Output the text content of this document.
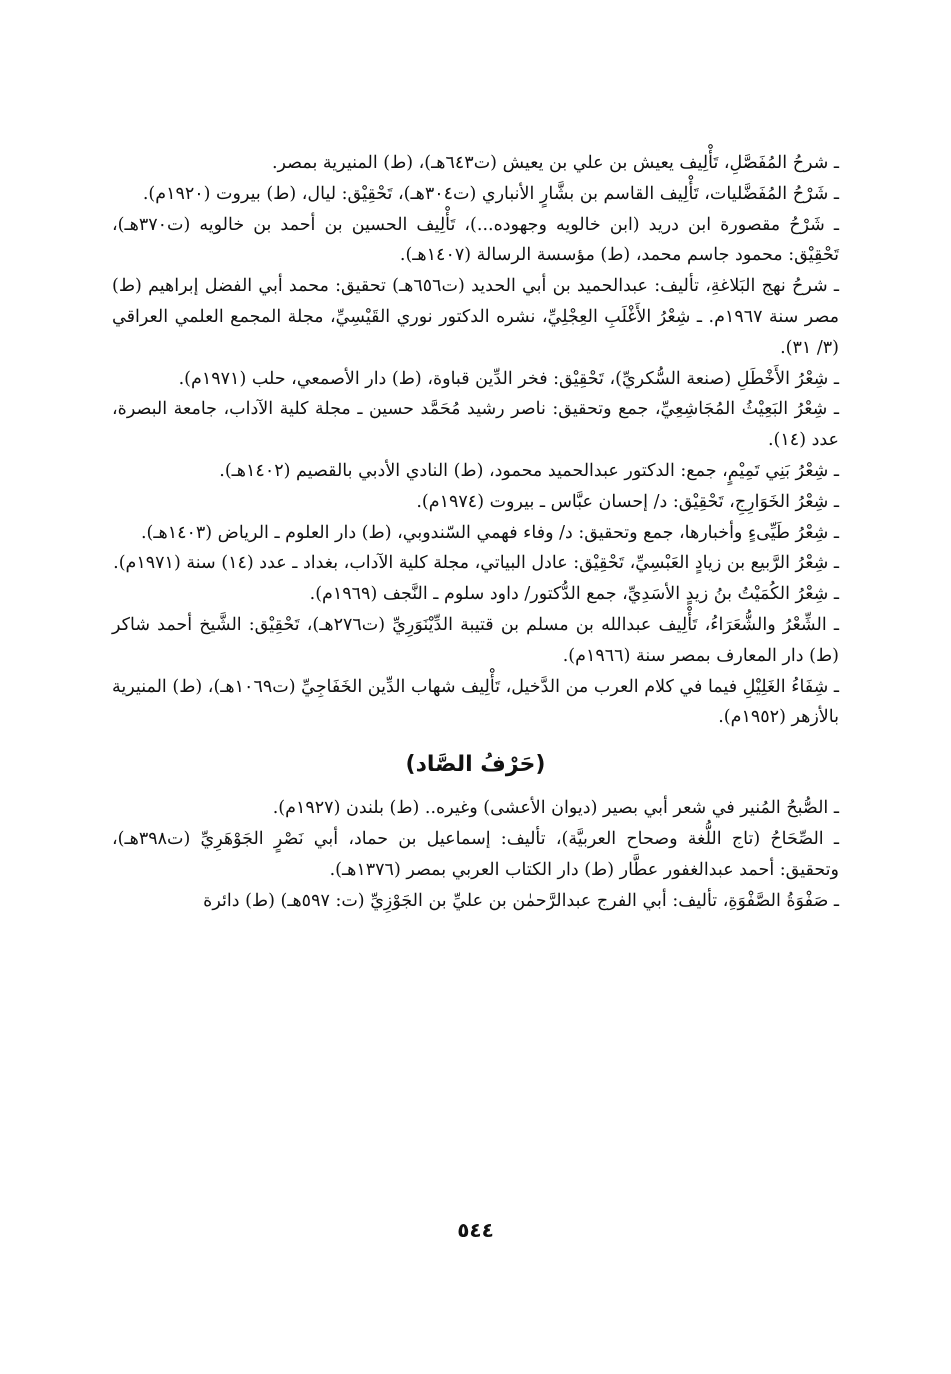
ـ شرحُ المُفَصَّلِ، تَأْلِيف يعيش بن علي بن يعيش (ت٦٤٣هـ)، (ط) المنيرية بمصر.

ـ شَرْحُ المُفَضَّليات، تَأْلِيف القاسم بن بشَّارٍ الأنباري (ت٣٠٤هـ)، تَحْقِيْق: ليال، (ط) بيروت (١٩٢٠م).

ـ شَرْحُ مقصورة ابن دريد (ابن خالويه وجهوده...)، تَأْلِيف الحسين بن أحمد بن خالويه (ت٣٧٠هـ)، تَحْقِيْق: محمود جاسم محمد، (ط) مؤسسة الرسالة (١٤٠٧هـ).

ـ شرحُ نهج البَلاغةِ، تأليف: عبدالحميد بن أبي الحديد (ت٦٥٦هـ) تحقيق: محمد أبي الفضل إبراهيم (ط) مصر سنة ١٩٦٧م. ـ شِعْرُ الأَغْلَبِ العِجْلِيِّ، نشره الدكتور نوري القَيْسِيِّ، مجلة المجمع العلمي العراقي (٣/ ٣١).

ـ شِعْرُ الأَخْطَلِ (صنعة السُّكريِّ)، تَحْقِيْق: فخر الدِّين قباوة، (ط) دار الأصمعي، حلب (١٩٧١م).

ـ شِعْرُ البَعِيْثُ المُجَاشِعِيِّ، جمع وتحقيق: ناصر رشيد مُحَمَّد حسين ـ مجلة كلية الآداب، جامعة البصرة، عدد (١٤).

ـ شِعْرُ بَنِي تَمِيْمٍ، جمع: الدكتور عبدالحميد محمود، (ط) النادي الأدبي بالقصيم (١٤٠٢هـ).

ـ شِعْرُ الخَوَارِجِ، تَحْقِيْق: د/ إحسان عبَّاس ـ بيروت (١٩٧٤م).

ـ شِعْرُ طَيِّىءٍ وأخبارها، جمع وتحقيق: د/ وفاء فهمي السّندوبي، (ط) دار العلوم ـ الرياض (١٤٠٣هـ).

ـ شِعْرُ الرَّبيع بن زيادٍ العَبْسِيِّ، تَحْقِيْق: عادل البياتي، مجلة كلية الآداب، بغداد ـ عدد (١٤) سنة (١٩٧١م).

ـ شِعْرُ الكُمَيْتُ بنُ زيدٍ الأسَدِيِّ، جمع الدُّكتور/ داود سلوم ـ النَّجف (١٩٦٩م).

ـ الشِّعْرُ والشُّعَرَاءُ، تَأْلِيف عبدالله بن مسلم بن قتيبة الدِّيْنَوَرِيِّ (ت٢٧٦هـ)، تَحْقِيْق: الشَّيخ أحمد شاكر (ط) دار المعارف بمصر سنة (١٩٦٦م).

ـ شِفَاءُ الغَلِيْلِ فيما في كلام العرب من الدَّخيل، تَأْلِيف شهاب الدِّين الخَفَاجِيِّ (ت١٠٦٩هـ)، (ط) المنيرية بالأزهر (١٩٥٢م).

(حَرْفُ الصَّاد)

ـ الصُّبحُ المُنير في شعر أبي بصير (ديوان الأعشى) وغيره.. (ط) بلندن (١٩٢٧م).

ـ الصِّحَاحُ (تاج اللُّغة وصحاح العربيَّة)، تأليف: إسماعيل بن حماد، أبي نَصْرٍ الجَوْهَرِيِّ (ت٣٩٨هـ)، وتحقيق: أحمد عبدالغفور عطَّار (ط) دار الكتاب العربي بمصر (١٣٧٦هـ).

ـ صَفْوَةُ الصَّفْوَةِ، تأليف: أبي الفرج عبدالرَّحمٰن بن عليِّ بن الجَوْزِيِّ (ت: ٥٩٧هـ) (ط) دائرة

٥٤٤
